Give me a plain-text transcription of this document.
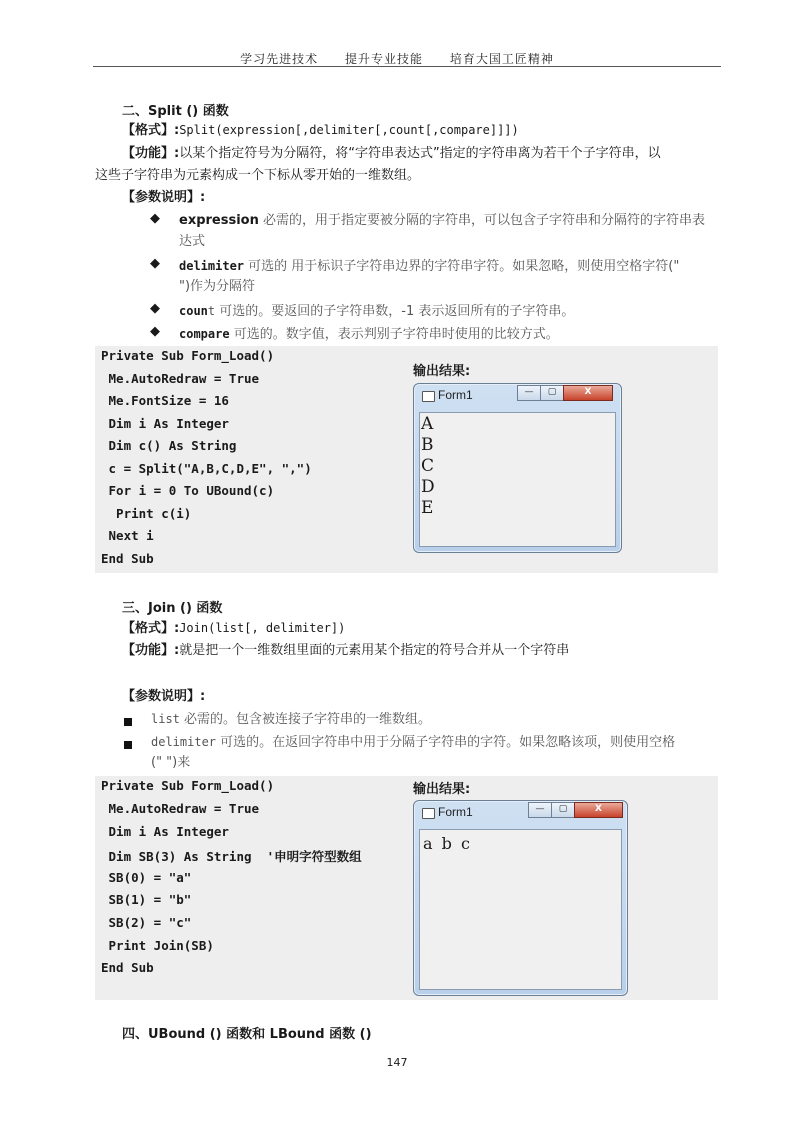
学习先进技术 提升专业技能 培育大国工匠精神
二、Split () 函数
【格式】:Split(expression[,delimiter[,count[,compare]]])
【功能】:以某个指定符号为分隔符，将“字符串表达式”指定的字符串离为若干个子字符串，以
这些子字符串为元素构成一个下标从零开始的一维数组。
【参数说明】:
◆ expression 必需的，用于指定要被分隔的字符串，可以包含子字符串和分隔符的字符串表
达式
◆ delimiter 可选的 用于标识子字符串边界的字符串字符。如果忽略，则使用空格字符("
")作为分隔符
◆ count 可选的。要返回的子字符串数，-1 表示返回所有的子字符串。
◆ compare 可选的。数字值，表示判别子字符串时使用的比较方式。
Private Sub Form_Load()
Me.AutoRedraw = True
Me.FontSize = 16
Dim i As Integer
Dim c() As String
c = Split("A,B,C,D,E", ",")
For i = 0 To UBound(c)
Print c(i)
Next i
End Sub
输出结果:
Form1	—	▢	X
A
B
C
D
E
三、Join () 函数
【格式】:Join(list[, delimiter])
【功能】:就是把一个一维数组里面的元素用某个指定的符号合并从一个字符串
【参数说明】:
list 必需的。包含被连接子字符串的一维数组。
delimiter 可选的。在返回字符串中用于分隔子字符串的字符。如果忽略该项，则使用空格
(" ")来
Private Sub Form_Load()
Me.AutoRedraw = True
Dim i As Integer
Dim SB(3) As String  '申明字符型数组
SB(0) = "a"
SB(1) = "b"
SB(2) = "c"
Print Join(SB)
End Sub
输出结果:
Form1	—	▢	X
a b c
四、UBound () 函数和 LBound 函数 ()
147
